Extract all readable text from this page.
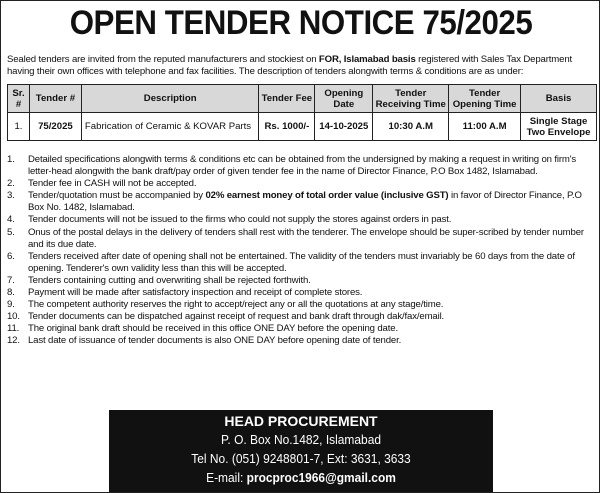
OPEN TENDER NOTICE 75/2025

Sealed tenders are invited from the reputed manufacturers and stockiest on FOR, Islamabad basis registered with Sales Tax Department having their own offices with telephone and fax facilities. The description of tenders alongwith terms & conditions are as under:

Sr. #	Tender #	Description	Tender Fee	Opening Date	Tender Receiving Time	Tender Opening Time	Basis
1.	75/2025	Fabrication of Ceramic & KOVAR Parts	Rs. 1000/-	14-10-2025	10:30 A.M	11:00 A.M	Single Stage
Two Envelope
1.	Detailed specifications alongwith terms & conditions etc can be obtained from the undersigned by making a request in writing on firm's letter-head alongwith the bank draft/pay order of given tender fee in the name of Director Finance, P.O Box 1482, Islamabad.
2.	Tender fee in CASH will not be accepted.
3.	Tender/quotation must be accompanied by 02% earnest money of total order value (inclusive GST) in favor of Director Finance, P.O Box No. 1482, Islamabad.
4.	Tender documents will not be issued to the firms who could not supply the stores against orders in past.
5.	Onus of the postal delays in the delivery of tenders shall rest with the tenderer. The envelope should be super-scribed by tender number and its due date.
6.	Tenders received after date of opening shall not be entertained. The validity of the tenders must invariably be 60 days from the date of opening. Tenderer's own validity less than this will be accepted.
7.	Tenders containing cutting and overwriting shall be rejected forthwith.
8.	Payment will be made after satisfactory inspection and receipt of complete stores.
9.	The competent authority reserves the right to accept/reject any or all the quotations at any stage/time.
10. Tender documents can be dispatched against receipt of request and bank draft through dak/fax/email.
11. The original bank draft should be received in this office ONE DAY before the opening date.
12. Last date of issuance of tender documents is also ONE DAY before opening date of tender.
HEAD PROCUREMENT
P. O. Box No.1482, Islamabad
Tel No. (051) 9248801-7, Ext: 3631, 3633
E-mail: procproc1966@gmail.com
